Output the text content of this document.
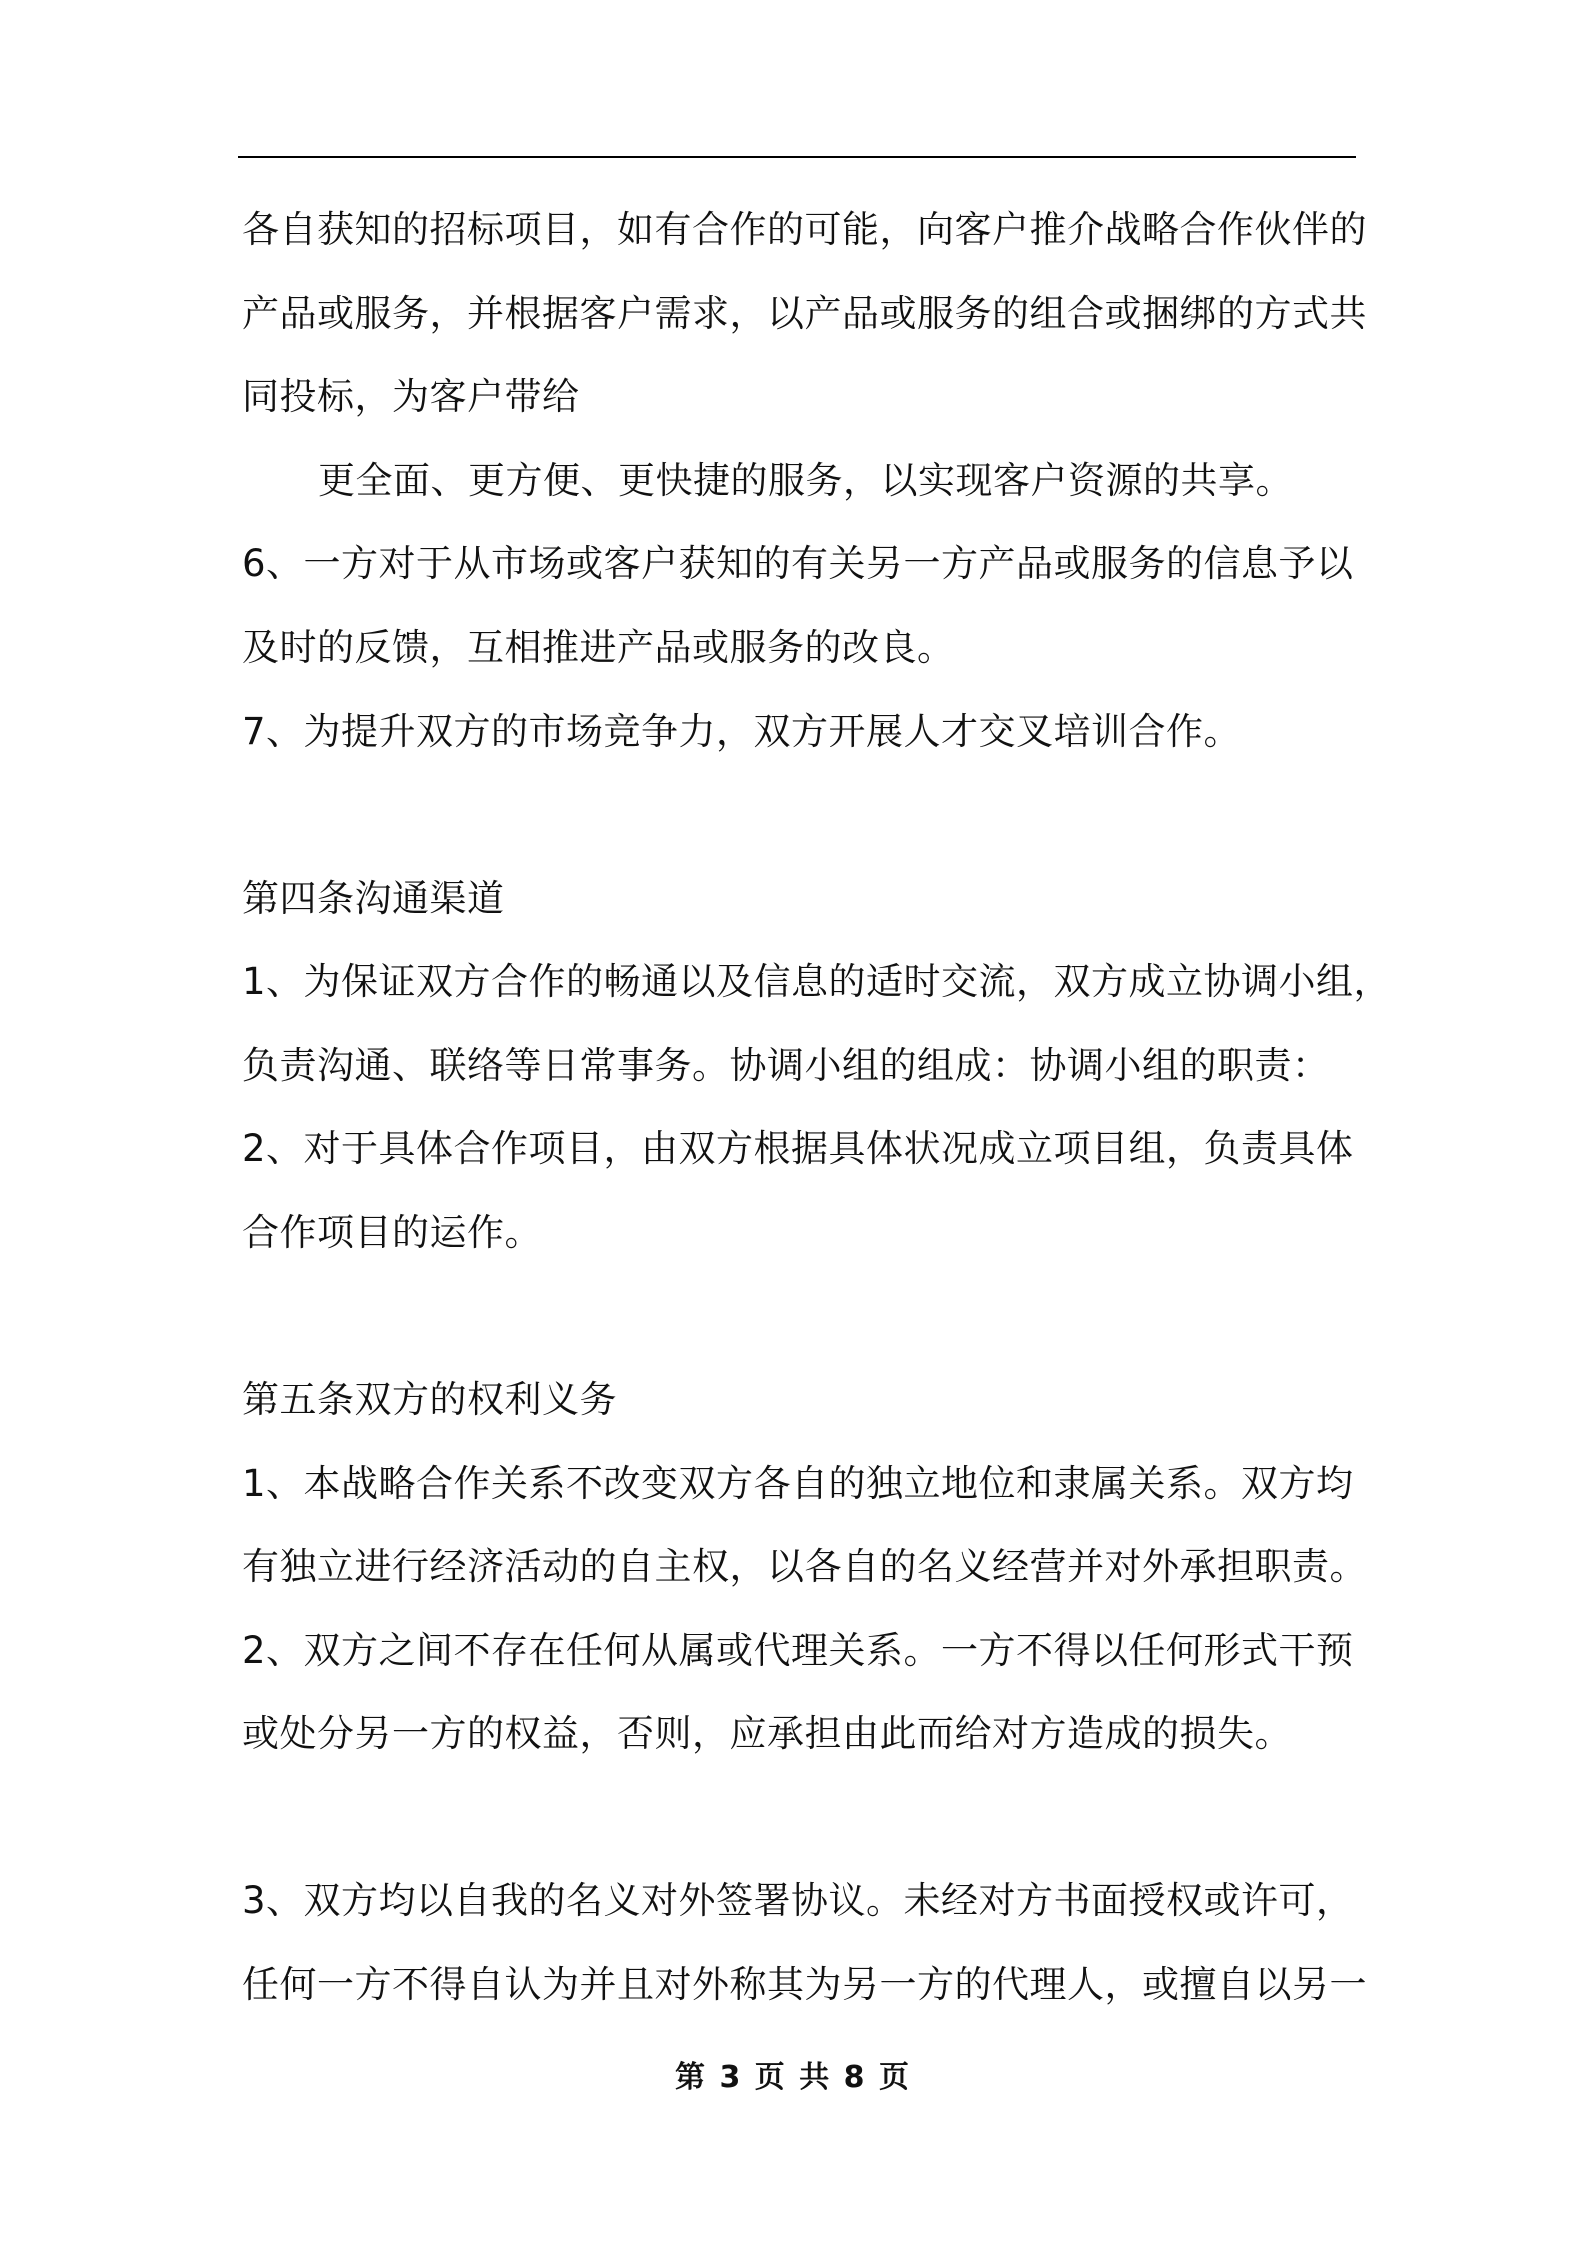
各自获知的招标项目，如有合作的可能，向客户推介战略合作伙伴的
产品或服务，并根据客户需求，以产品或服务的组合或捆绑的方式共
同投标，为客户带给
更全面、更方便、更快捷的服务，以实现客户资源的共享。
6、一方对于从市场或客户获知的有关另一方产品或服务的信息予以
及时的反馈，互相推进产品或服务的改良。
7、为提升双方的市场竞争力，双方开展人才交叉培训合作。
第四条沟通渠道
1、为保证双方合作的畅通以及信息的适时交流，双方成立协调小组，
负责沟通、联络等日常事务。协调小组的组成：协调小组的职责：
2、对于具体合作项目，由双方根据具体状况成立项目组，负责具体
合作项目的运作。
第五条双方的权利义务
1、本战略合作关系不改变双方各自的独立地位和隶属关系。双方均
有独立进行经济活动的自主权，以各自的名义经营并对外承担职责。
2、双方之间不存在任何从属或代理关系。一方不得以任何形式干预
或处分另一方的权益，否则，应承担由此而给对方造成的损失。
3、双方均以自我的名义对外签署协议。未经对方书面授权或许可，
任何一方不得自认为并且对外称其为另一方的代理人，或擅自以另一
第 3 页 共 8 页
